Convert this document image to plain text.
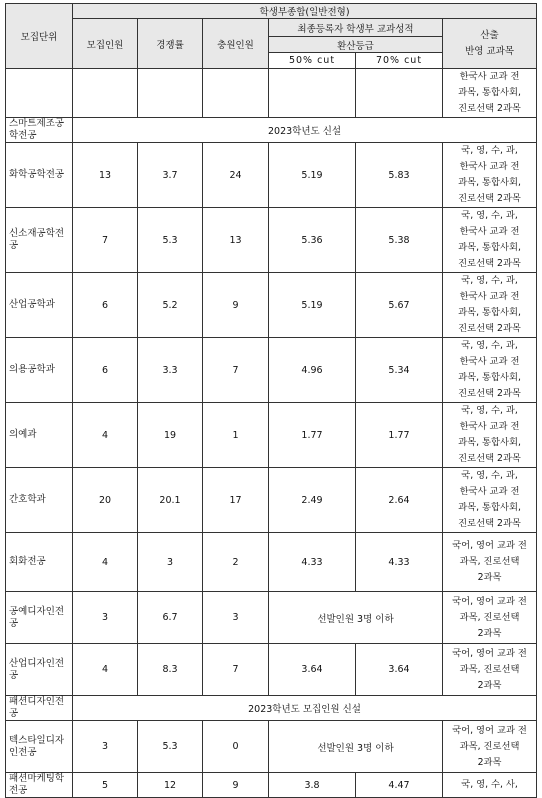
모집단위	학생부종합(일반전형)					
	모집인원	경쟁률	충원인원	최종등록자 학생부 교과성적		산출
반영 교과목
				환산등급		
				50% cut	70% cut	
						한국사 교과 전
과목, 통합사회,
진로선택 2과목
스마트제조공
학전공	2023학년도 신설					
화학공학전공	13	3.7	24	5.19	5.83	국, 영, 수, 과,
한국사 교과 전
과목, 통합사회,
진로선택 2과목
신소재공학전
공	7	5.3	13	5.36	5.38	국, 영, 수, 과,
한국사 교과 전
과목, 통합사회,
진로선택 2과목
산업공학과	6	5.2	9	5.19	5.67	국, 영, 수, 과,
한국사 교과 전
과목, 통합사회,
진로선택 2과목
의용공학과	6	3.3	7	4.96	5.34	국, 영, 수, 과,
한국사 교과 전
과목, 통합사회,
진로선택 2과목
의예과	4	19	1	1.77	1.77	국, 영, 수, 과,
한국사 교과 전
과목, 통합사회,
진로선택 2과목
간호학과	20	20.1	17	2.49	2.64	국, 영, 수, 과,
한국사 교과 전
과목, 통합사회,
진로선택 2과목
회화전공	4	3	2	4.33	4.33	국어, 영어 교과 전
과목, 진로선택
2과목
공예디자인전
공	3	6.7	3	선발인원 3명 이하		국어, 영어 교과 전
과목, 진로선택
2과목
산업디자인전
공	4	8.3	7	3.64	3.64	국어, 영어 교과 전
과목, 진로선택
2과목
패션디자인전
공	2023학년도 모집인원 신설					
텍스타일디자
인전공	3	5.3	0	선발인원 3명 이하		국어, 영어 교과 전
과목, 진로선택
2과목
패션마케팅학
전공	5	12	9	3.8	4.47	국, 영, 수, 사,
